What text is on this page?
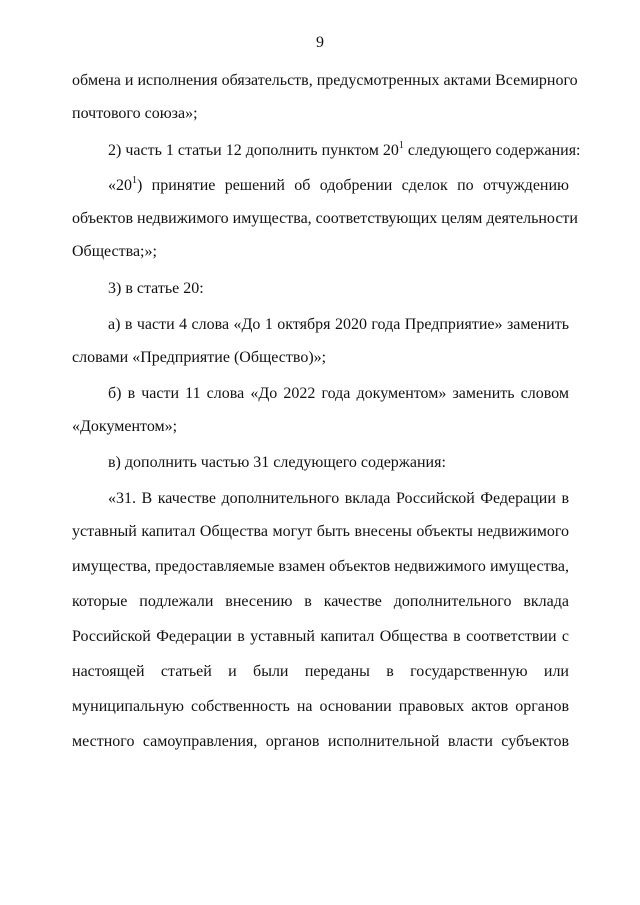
9
обмена и исполнения обязательств, предусмотренных актами Всемирного
почтового союза»;
2) часть 1 статьи 12 дополнить пунктом $20^1$ следующего содержания:
«$20^1$) принятие решений об одобрении сделок по отчуждению
объектов недвижимого имущества, соответствующих целям деятельности
Общества;»;
3) в статье 20:
а) в части 4 слова «До 1 октября 2020 года Предприятие» заменить
словами «Предприятие (Общество)»;
б) в части 11 слова «До 2022 года документом» заменить словом
«Документом»;
в) дополнить частью 31 следующего содержания:
«31. В качестве дополнительного вклада Российской Федерации в
уставный капитал Общества могут быть внесены объекты недвижимого
имущества, предоставляемые взамен объектов недвижимого имущества,
которые подлежали внесению в качестве дополнительного вклада
Российской Федерации в уставный капитал Общества в соответствии с
настоящей статьей и были переданы в государственную или
муниципальную собственность на основании правовых актов органов
местного самоуправления, органов исполнительной власти субъектов
